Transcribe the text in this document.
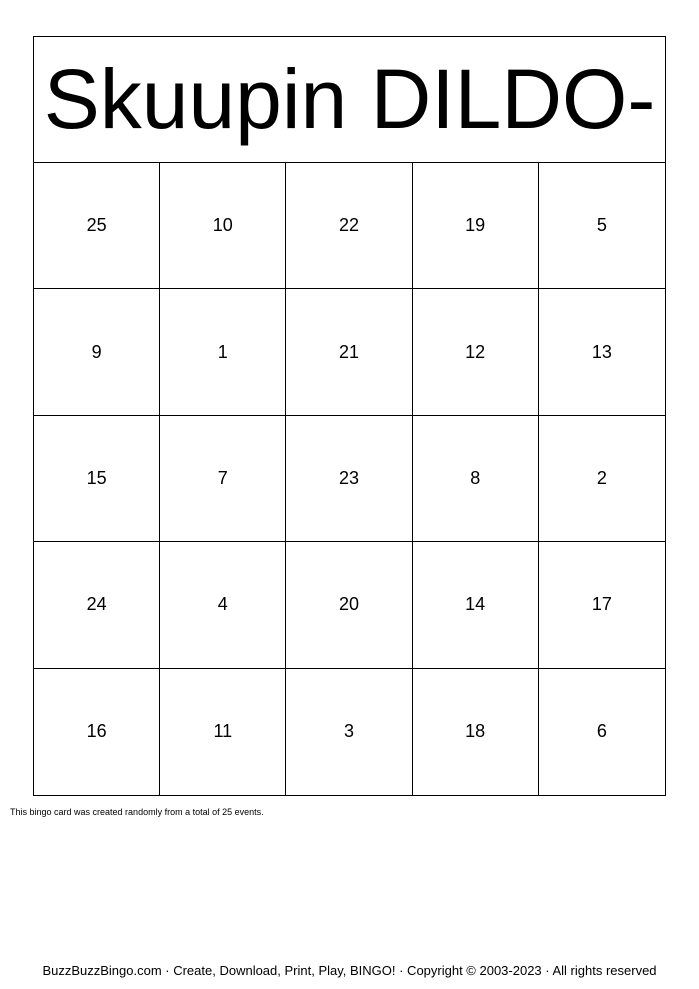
Skuupin DILDO-
25	10	22	19	5
9	1	21	12	13
15	7	23	8	2
24	4	20	14	17
16	11	3	18	6
This bingo card was created randomly from a total of 25 events.
BuzzBuzzBingo.com · Create, Download, Print, Play, BINGO! · Copyright © 2003-2023 · All rights reserved
